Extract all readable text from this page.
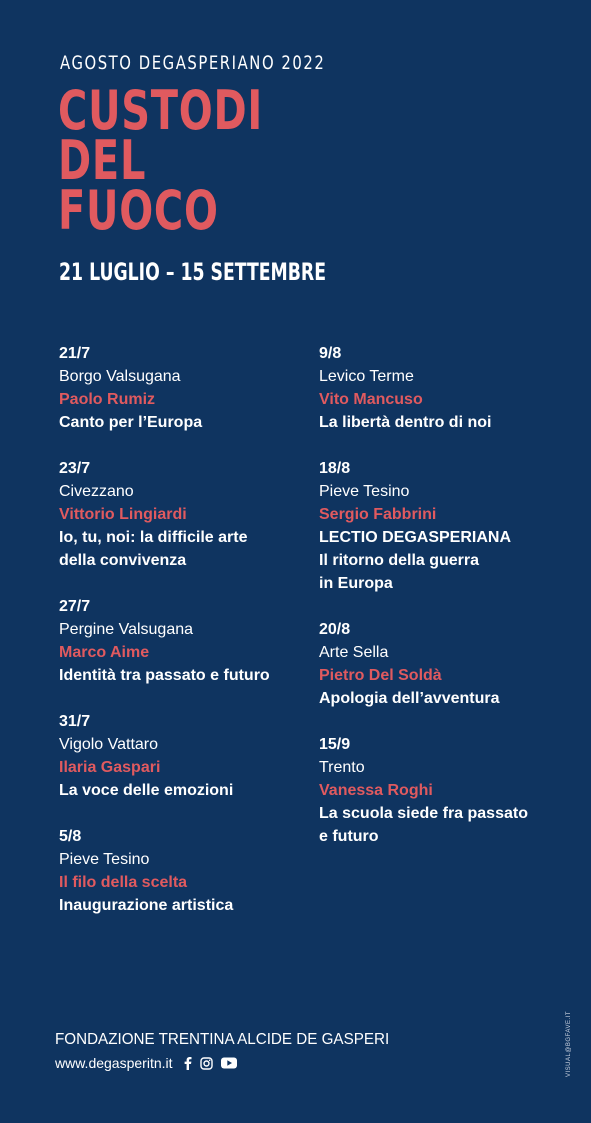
AGOSTO DEGASPERIANO 2022
CUSTODI
DEL
FUOCO
21 LUGLIO – 15 SETTEMBRE
21/7
Borgo Valsugana
Paolo Rumiz
Canto per l’Europa
23/7
Civezzano
Vittorio Lingiardi
Io, tu, noi: la difficile arte
della convivenza
27/7
Pergine Valsugana
Marco Aime
Identità tra passato e futuro
31/7
Vigolo Vattaro
Ilaria Gaspari
La voce delle emozioni
5/8
Pieve Tesino
Il filo della scelta
Inaugurazione artistica
9/8
Levico Terme
Vito Mancuso
La libertà dentro di noi
18/8
Pieve Tesino
Sergio Fabbrini
LECTIO DEGASPERIANA
Il ritorno della guerra
in Europa
20/8
Arte Sella
Pietro Del Soldà
Apologia dell’avventura
15/9
Trento
Vanessa Roghi
La scuola siede fra passato
e futuro
FONDAZIONE TRENTINA ALCIDE DE GASPERI
www.degasperitn.it	VISUAL@BGFAVE.IT
